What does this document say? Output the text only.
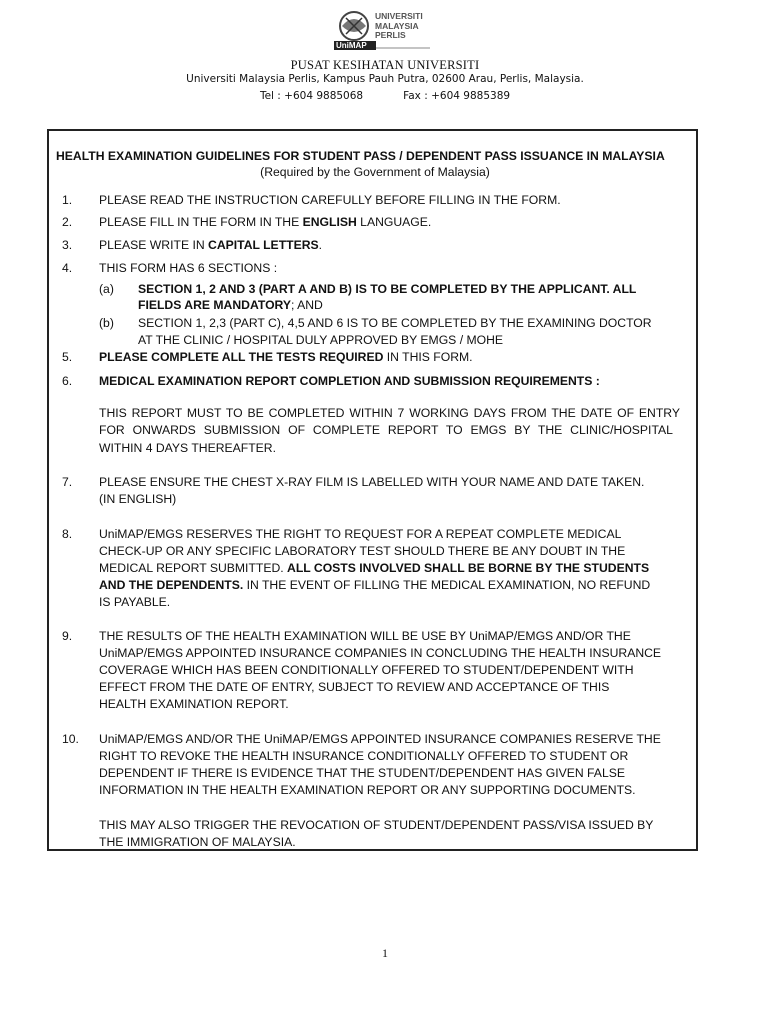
UNIVERSITI
MALAYSIA
PERLIS
UniMAP
PUSAT KESIHATAN UNIVERSITI
Universiti Malaysia Perlis, Kampus Pauh Putra, 02600 Arau, Perlis, Malaysia.
Tel : +604 9885068	Fax : +604 9885389
HEALTH EXAMINATION GUIDELINES FOR STUDENT PASS / DEPENDENT PASS ISSUANCE IN MALAYSIA
(Required by the Government of Malaysia)
1. PLEASE READ THE INSTRUCTION CAREFULLY BEFORE FILLING IN THE FORM.
2. PLEASE FILL IN THE FORM IN THE ENGLISH LANGUAGE.
3. PLEASE WRITE IN CAPITAL LETTERS.
4. THIS FORM HAS 6 SECTIONS :
(a) SECTION 1, 2 AND 3 (PART A AND B) IS TO BE COMPLETED BY THE APPLICANT. ALL
FIELDS ARE MANDATORY; AND
(b) SECTION 1, 2,3 (PART C), 4,5 AND 6 IS TO BE COMPLETED BY THE EXAMINING DOCTOR
AT THE CLINIC / HOSPITAL DULY APPROVED BY EMGS / MOHE
5. PLEASE COMPLETE ALL THE TESTS REQUIRED IN THIS FORM.
6. MEDICAL EXAMINATION REPORT COMPLETION AND SUBMISSION REQUIREMENTS :
THIS REPORT MUST TO BE COMPLETED WITHIN 7 WORKING DAYS FROM THE DATE OF ENTRY
FOR ONWARDS SUBMISSION OF COMPLETE REPORT TO EMGS BY THE CLINIC/HOSPITAL
WITHIN 4 DAYS THEREAFTER.
7. PLEASE ENSURE THE CHEST X-RAY FILM IS LABELLED WITH YOUR NAME AND DATE TAKEN.
(IN ENGLISH)
8. UniMAP/EMGS RESERVES THE RIGHT TO REQUEST FOR A REPEAT COMPLETE MEDICAL
CHECK-UP OR ANY SPECIFIC LABORATORY TEST SHOULD THERE BE ANY DOUBT IN THE
MEDICAL REPORT SUBMITTED. ALL COSTS INVOLVED SHALL BE BORNE BY THE STUDENTS
AND THE DEPENDENTS. IN THE EVENT OF FILLING THE MEDICAL EXAMINATION, NO REFUND
IS PAYABLE.
9. THE RESULTS OF THE HEALTH EXAMINATION WILL BE USE BY UniMAP/EMGS AND/OR THE
UniMAP/EMGS APPOINTED INSURANCE COMPANIES IN CONCLUDING THE HEALTH INSURANCE
COVERAGE WHICH HAS BEEN CONDITIONALLY OFFERED TO STUDENT/DEPENDENT WITH
EFFECT FROM THE DATE OF ENTRY, SUBJECT TO REVIEW AND ACCEPTANCE OF THIS
HEALTH EXAMINATION REPORT.
10. UniMAP/EMGS AND/OR THE UniMAP/EMGS APPOINTED INSURANCE COMPANIES RESERVE THE
RIGHT TO REVOKE THE HEALTH INSURANCE CONDITIONALLY OFFERED TO STUDENT OR
DEPENDENT IF THERE IS EVIDENCE THAT THE STUDENT/DEPENDENT HAS GIVEN FALSE
INFORMATION IN THE HEALTH EXAMINATION REPORT OR ANY SUPPORTING DOCUMENTS.
THIS MAY ALSO TRIGGER THE REVOCATION OF STUDENT/DEPENDENT PASS/VISA ISSUED BY
THE IMMIGRATION OF MALAYSIA.
1
